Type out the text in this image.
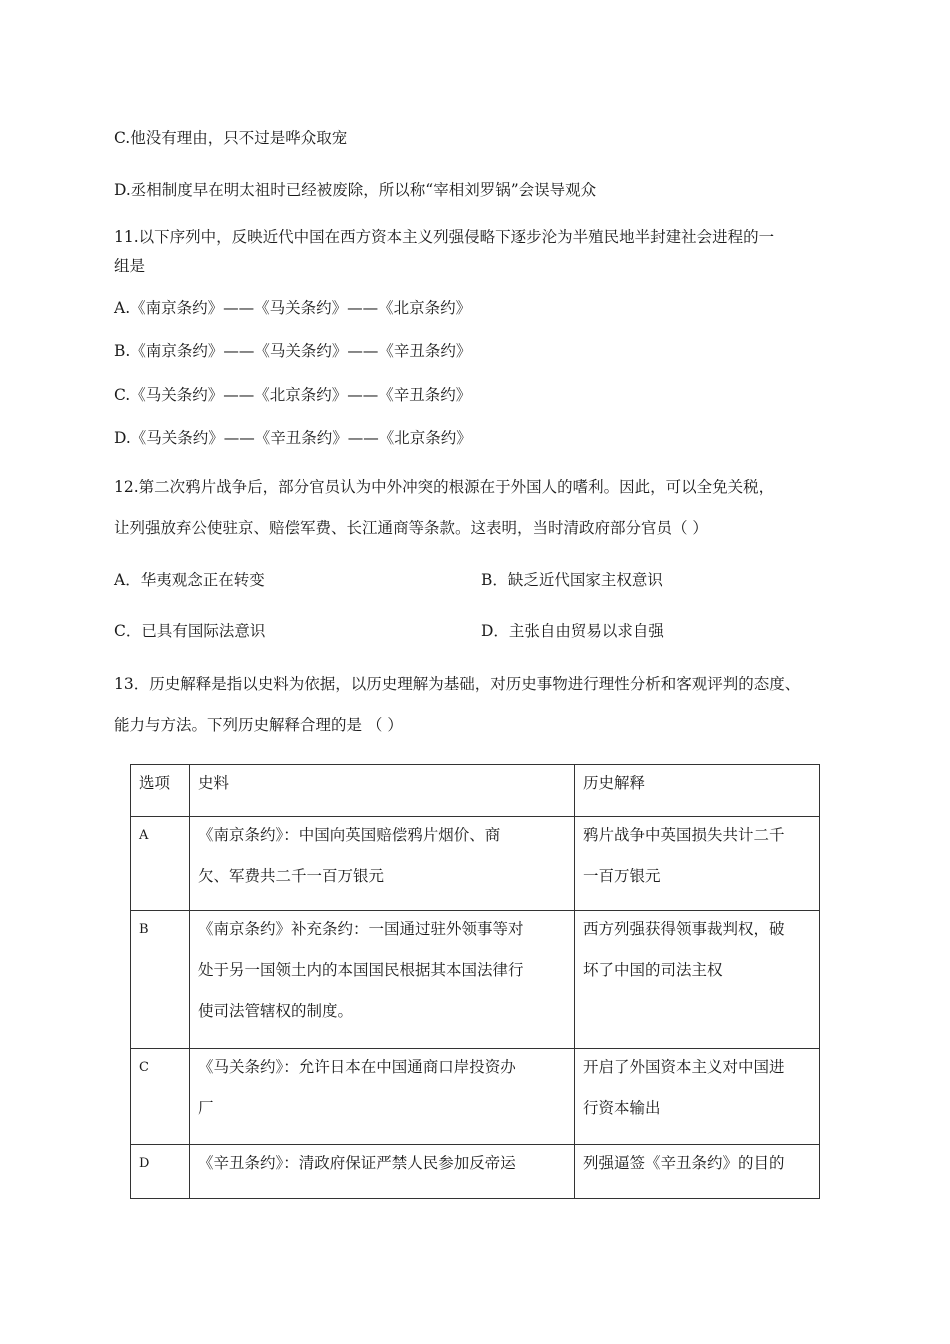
C.他没有理由，只不过是哗众取宠
D.丞相制度早在明太祖时已经被废除，所以称“宰相刘罗锅”会误导观众
11.以下序列中，反映近代中国在西方资本主义列强侵略下逐步沦为半殖民地半封建社会进程的一
组是
A.《南京条约》——《马关条约》——《北京条约》
B.《南京条约》——《马关条约》——《辛丑条约》
C.《马关条约》——《北京条约》——《辛丑条约》
D.《马关条约》——《辛丑条约》——《北京条约》
12.第二次鸦片战争后，部分官员认为中外冲突的根源在于外国人的嗜利。因此，可以全免关税，
让列强放弃公使驻京、赔偿军费、长江通商等条款。这表明，当时清政府部分官员（ ）
A．华夷观念正在转变	B．缺乏近代国家主权意识
C．已具有国际法意识	D．主张自由贸易以求自强
13．历史解释是指以史料为依据，以历史理解为基础，对历史事物进行理性分析和客观评判的态度、
能力与方法。下列历史解释合理的是 （ ）
选项	史料	历史解释

A	《南京条约》：中国向英国赔偿鸦片烟价、商
欠、军费共二千一百万银元	鸦片战争中英国损失共计二千
一百万银元

B	《南京条约》补充条约：一国通过驻外领事等对
处于另一国领土内的本国国民根据其本国法律行
使司法管辖权的制度。	西方列强获得领事裁判权，破
坏了中国的司法主权

C	《马关条约》：允许日本在中国通商口岸投资办
厂	开启了外国资本主义对中国进
行资本输出

D	《辛丑条约》：清政府保证严禁人民参加反帝运	列强逼签《辛丑条约》的目的
